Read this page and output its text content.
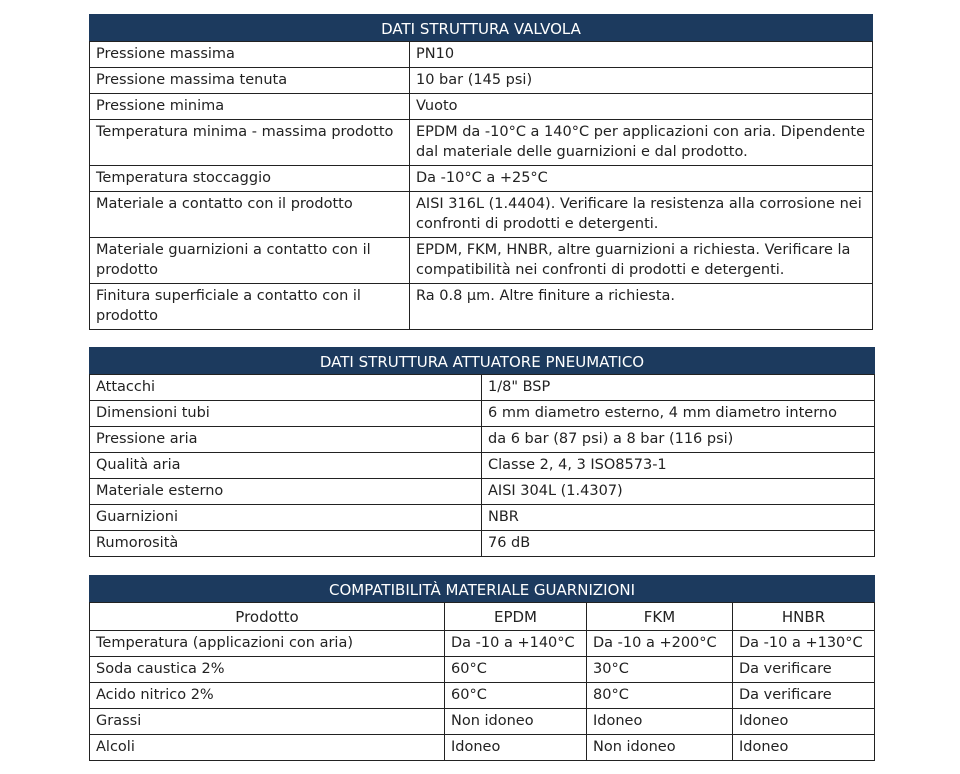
DATI STRUTTURA VALVOLA	
Pressione massima	PN10
Pressione massima tenuta	10 bar (145 psi)
Pressione minima	Vuoto
Temperatura minima - massima prodotto	EPDM da -10°C a 140°C per applicazioni con aria. Dipendente dal materiale delle guarnizioni e dal prodotto.
Temperatura stoccaggio	Da -10°C a +25°C
Materiale a contatto con il prodotto	AISI 316L (1.4404). Verificare la resistenza alla corrosione nei confronti di prodotti e detergenti.
Materiale guarnizioni a contatto con il prodotto	EPDM, FKM, HNBR, altre guarnizioni a richiesta. Verificare la compatibilità nei confronti di prodotti e detergenti.
Finitura superficiale a contatto con il prodotto	Ra 0.8 µm. Altre finiture a richiesta.
DATI STRUTTURA ATTUATORE PNEUMATICO	
Attacchi	1/8" BSP
Dimensioni tubi	6 mm diametro esterno, 4 mm diametro interno
Pressione aria	da 6 bar (87 psi) a 8 bar (116 psi)
Qualità aria	Classe 2, 4, 3 ISO8573-1
Materiale esterno	AISI 304L (1.4307)
Guarnizioni	NBR
Rumorosità	76 dB
COMPATIBILITÀ MATERIALE GUARNIZIONI			
Prodotto	EPDM	FKM	HNBR
Temperatura (applicazioni con aria)	Da -10 a +140°C	Da -10 a +200°C	Da -10 a +130°C
Soda caustica 2%	60°C	30°C	Da verificare
Acido nitrico 2%	60°C	80°C	Da verificare
Grassi	Non idoneo	Idoneo	Idoneo
Alcoli	Idoneo	Non idoneo	Idoneo
